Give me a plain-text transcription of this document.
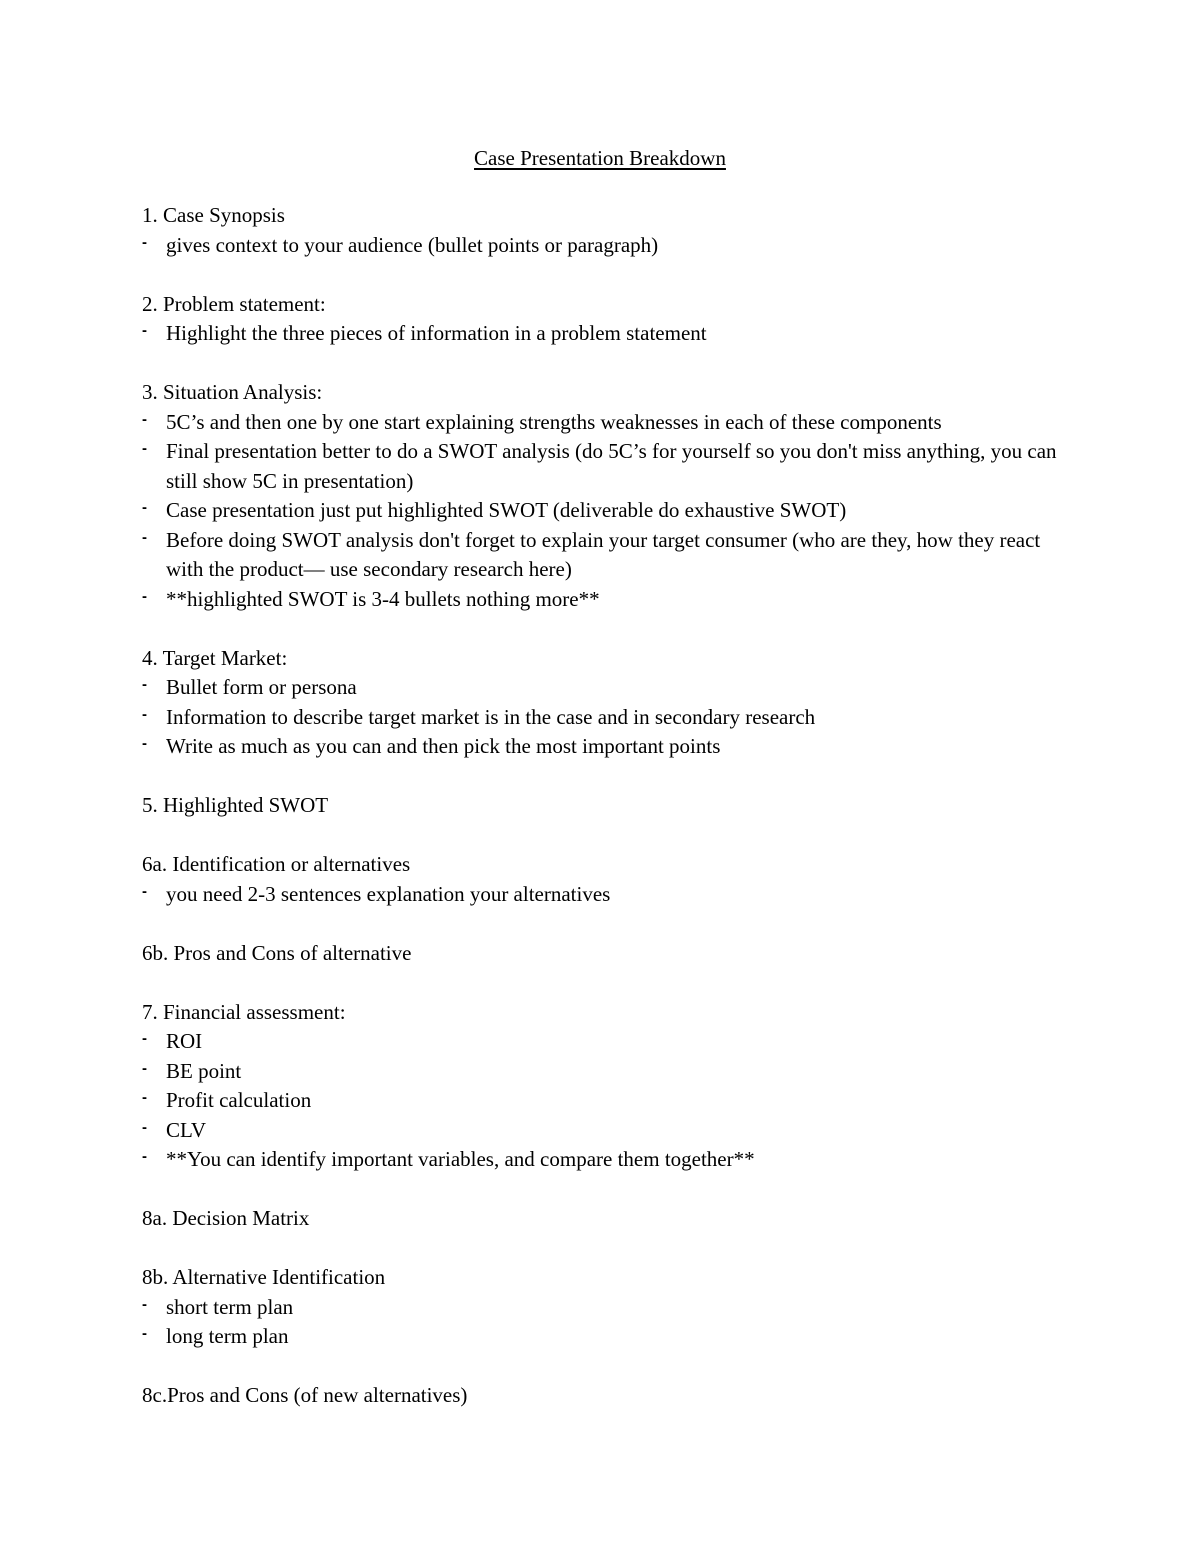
Case Presentation Breakdown
1. Case Synopsis
- gives context to your audience (bullet points or paragraph)
2. Problem statement:
- Highlight the three pieces of information in a problem statement
3. Situation Analysis:
- 5C’s and then one by one start explaining strengths weaknesses in each of these components
- Final presentation better to do a SWOT analysis (do 5C’s for yourself so you don't miss anything, you can still show 5C in presentation)
- Case presentation just put highlighted SWOT (deliverable do exhaustive SWOT)
- Before doing SWOT analysis don't forget to explain your target consumer (who are they, how they react with the product— use secondary research here)
- **highlighted SWOT is 3-4 bullets nothing more**
4. Target Market:
- Bullet form or persona
- Information to describe target market is in the case and in secondary research
- Write as much as you can and then pick the most important points
5. Highlighted SWOT
6a. Identification or alternatives
- you need 2-3 sentences explanation your alternatives
6b. Pros and Cons of alternative
7. Financial assessment:
- ROI
- BE point
- Profit calculation
- CLV
- **You can identify important variables, and compare them together**
8a. Decision Matrix
8b. Alternative Identification
- short term plan
- long term plan
8c.Pros and Cons (of new alternatives)
